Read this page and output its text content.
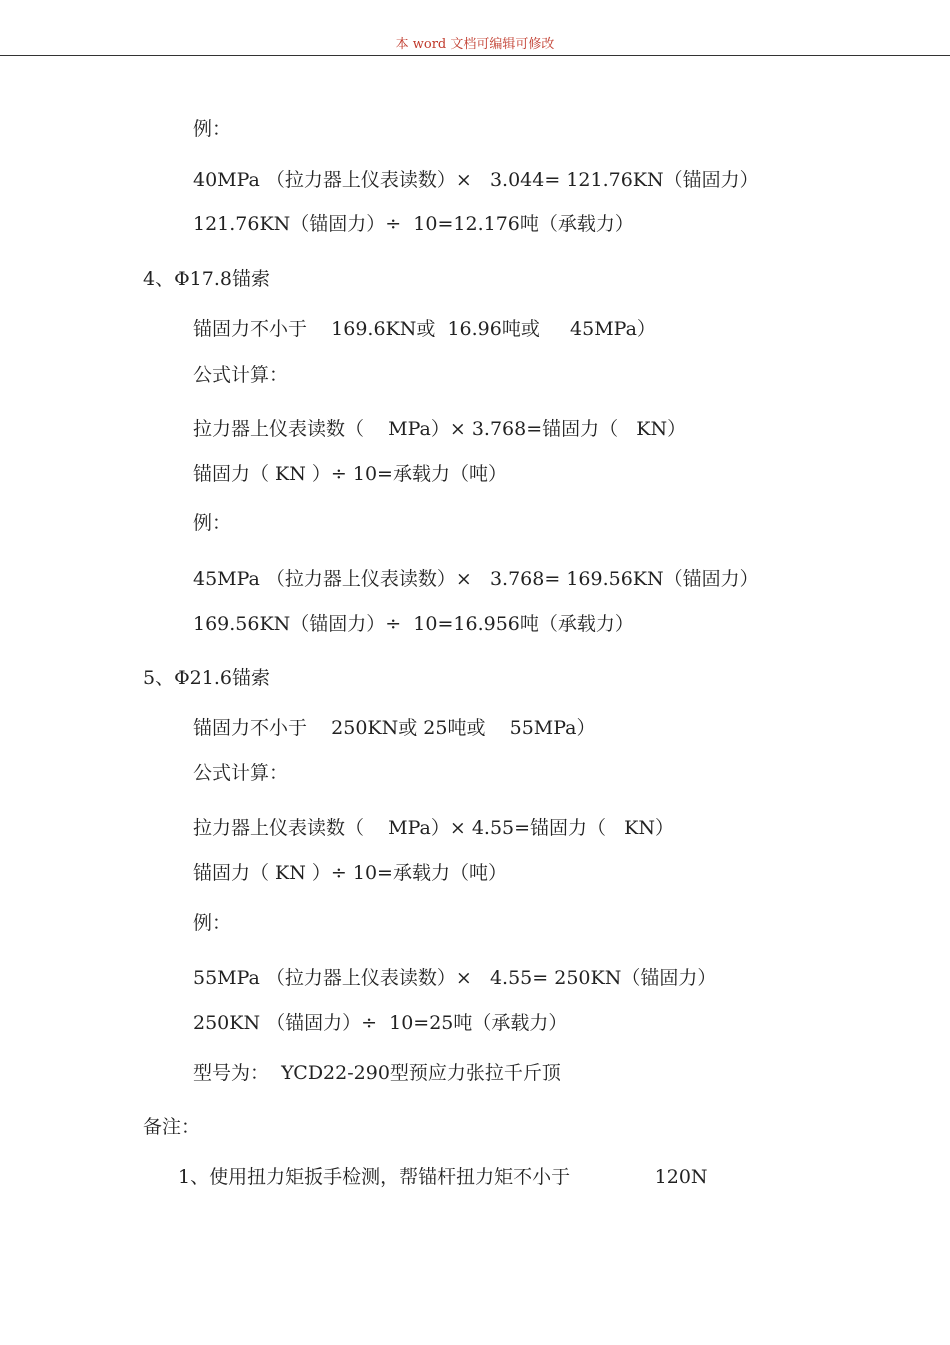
本 word 文档可编辑可修改
例：
40MPa （拉力器上仪表读数）×   3.044= 121.76KN（锚固力）
121.76KN（锚固力）÷  10=12.176吨（承载力）
4、Φ17.8锚索
锚固力不小于    169.6KN或  16.96吨或     45MPa）
公式计算：
拉力器上仪表读数（    MPa）× 3.768=锚固力（   KN）
锚固力（ KN ）÷ 10=承载力（吨）
例：
45MPa （拉力器上仪表读数）×   3.768= 169.56KN（锚固力）
169.56KN（锚固力）÷  10=16.956吨（承载力）
5、Φ21.6锚索
锚固力不小于    250KN或 25吨或    55MPa）
公式计算：
拉力器上仪表读数（    MPa）× 4.55=锚固力（   KN）
锚固力（ KN ）÷ 10=承载力（吨）
例：
55MPa （拉力器上仪表读数）×   4.55= 250KN（锚固力）
250KN （锚固力）÷  10=25吨（承载力）
型号为：  YCD22-290型预应力张拉千斤顶
备注：
1、使用扭力矩扳手检测，帮锚杆扭力矩不小于              120N
